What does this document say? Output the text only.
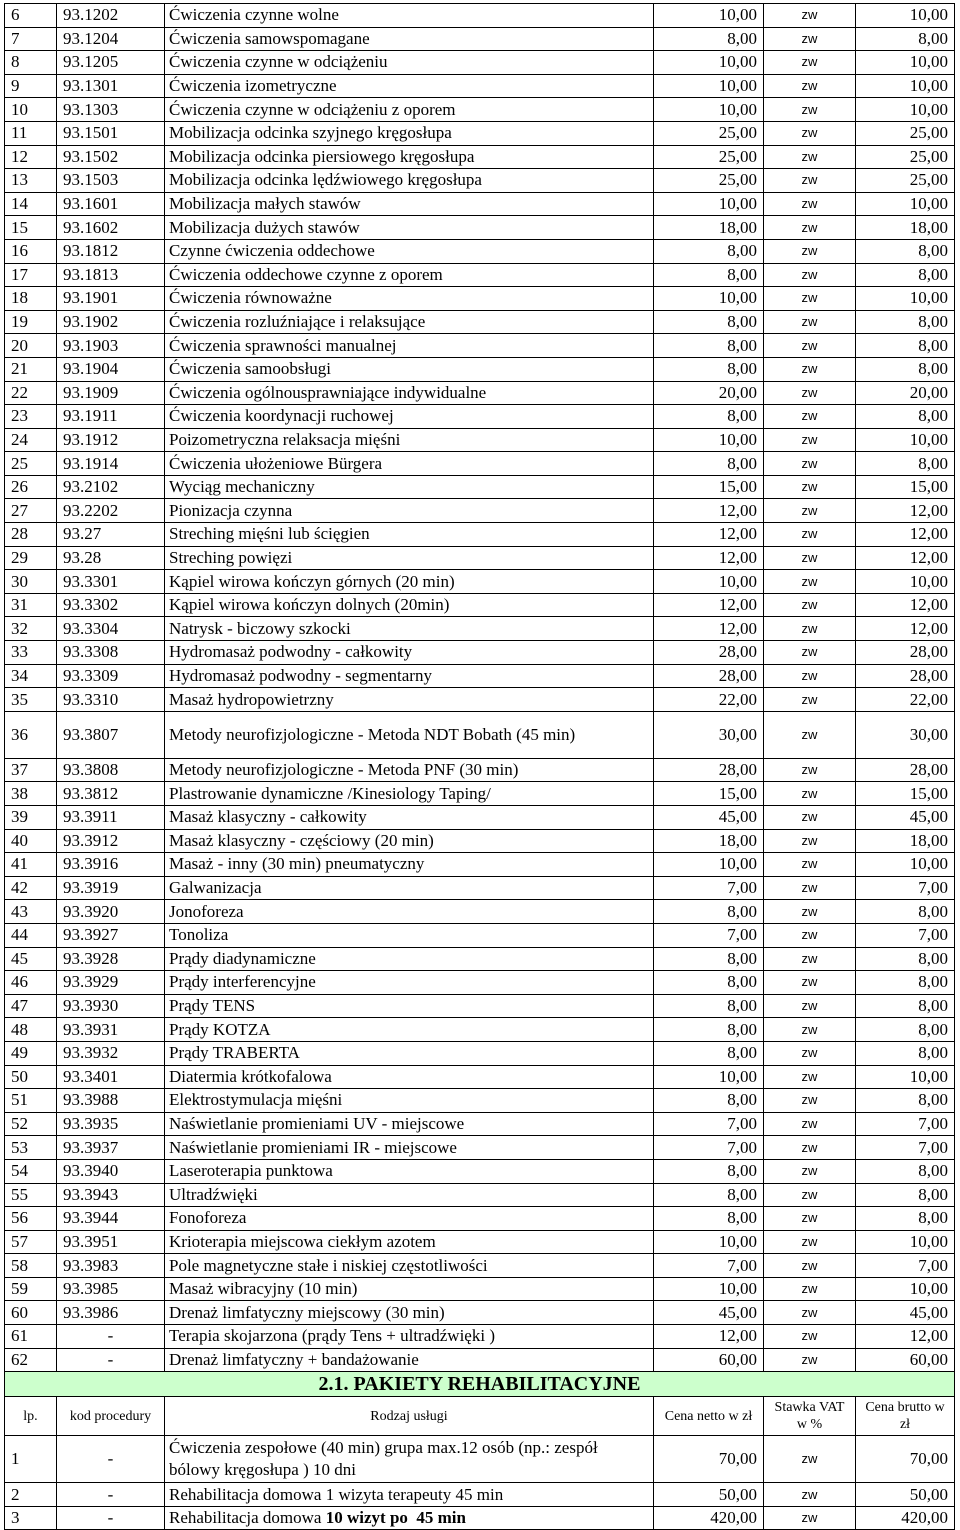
6	93.1202	Ćwiczenia czynne wolne	10,00	zw	10,00
7	93.1204	Ćwiczenia samowspomagane	8,00	zw	8,00
8	93.1205	Ćwiczenia czynne w odciążeniu	10,00	zw	10,00
9	93.1301	Ćwiczenia izometryczne	10,00	zw	10,00
10	93.1303	Ćwiczenia czynne w odciążeniu z oporem	10,00	zw	10,00
11	93.1501	Mobilizacja odcinka szyjnego kręgosłupa	25,00	zw	25,00
12	93.1502	Mobilizacja odcinka piersiowego kręgosłupa	25,00	zw	25,00
13	93.1503	Mobilizacja odcinka lędźwiowego kręgosłupa	25,00	zw	25,00
14	93.1601	Mobilizacja małych stawów	10,00	zw	10,00
15	93.1602	Mobilizacja dużych stawów	18,00	zw	18,00
16	93.1812	Czynne ćwiczenia oddechowe	8,00	zw	8,00
17	93.1813	Ćwiczenia oddechowe czynne z oporem	8,00	zw	8,00
18	93.1901	Ćwiczenia równoważne	10,00	zw	10,00
19	93.1902	Ćwiczenia rozluźniające i relaksujące	8,00	zw	8,00
20	93.1903	Ćwiczenia sprawności manualnej	8,00	zw	8,00
21	93.1904	Ćwiczenia samoobsługi	8,00	zw	8,00
22	93.1909	Ćwiczenia ogólnousprawniające indywidualne	20,00	zw	20,00
23	93.1911	Ćwiczenia koordynacji ruchowej	8,00	zw	8,00
24	93.1912	Poizometryczna relaksacja mięśni	10,00	zw	10,00
25	93.1914	Ćwiczenia ułożeniowe Bürgera	8,00	zw	8,00
26	93.2102	Wyciąg mechaniczny	15,00	zw	15,00
27	93.2202	Pionizacja czynna	12,00	zw	12,00
28	93.27	Streching mięśni lub ścięgien	12,00	zw	12,00
29	93.28	Streching powięzi	12,00	zw	12,00
30	93.3301	Kąpiel wirowa kończyn górnych (20 min)	10,00	zw	10,00
31	93.3302	Kąpiel wirowa kończyn dolnych (20min)	12,00	zw	12,00
32	93.3304	Natrysk - biczowy szkocki	12,00	zw	12,00
33	93.3308	Hydromasaż podwodny - całkowity	28,00	zw	28,00
34	93.3309	Hydromasaż podwodny - segmentarny	28,00	zw	28,00
35	93.3310	Masaż hydropowietrzny	22,00	zw	22,00
36	93.3807	Metody neurofizjologiczne - Metoda NDT Bobath (45 min)	30,00	zw	30,00
37	93.3808	Metody neurofizjologiczne - Metoda PNF (30 min)	28,00	zw	28,00
38	93.3812	Plastrowanie dynamiczne /Kinesiology Taping/	15,00	zw	15,00
39	93.3911	Masaż klasyczny - całkowity	45,00	zw	45,00
40	93.3912	Masaż klasyczny - częściowy (20 min)	18,00	zw	18,00
41	93.3916	Masaż - inny (30 min) pneumatyczny	10,00	zw	10,00
42	93.3919	Galwanizacja	7,00	zw	7,00
43	93.3920	Jonoforeza	8,00	zw	8,00
44	93.3927	Tonoliza	7,00	zw	7,00
45	93.3928	Prądy diadynamiczne	8,00	zw	8,00
46	93.3929	Prądy interferencyjne	8,00	zw	8,00
47	93.3930	Prądy TENS	8,00	zw	8,00
48	93.3931	Prądy KOTZA	8,00	zw	8,00
49	93.3932	Prądy TRABERTA	8,00	zw	8,00
50	93.3401	Diatermia krótkofalowa	10,00	zw	10,00
51	93.3988	Elektrostymulacja mięśni	8,00	zw	8,00
52	93.3935	Naświetlanie promieniami UV - miejscowe	7,00	zw	7,00
53	93.3937	Naświetlanie promieniami IR - miejscowe	7,00	zw	7,00
54	93.3940	Laseroterapia punktowa	8,00	zw	8,00
55	93.3943	Ultradźwięki	8,00	zw	8,00
56	93.3944	Fonoforeza	8,00	zw	8,00
57	93.3951	Krioterapia miejscowa ciekłym azotem	10,00	zw	10,00
58	93.3983	Pole magnetyczne stałe i niskiej częstotliwości	7,00	zw	7,00
59	93.3985	Masaż wibracyjny (10 min)	10,00	zw	10,00
60	93.3986	Drenaż limfatyczny miejscowy (30 min)	45,00	zw	45,00
61	-	Terapia skojarzona (prądy Tens + ultradźwięki )	12,00	zw	12,00
62	-	Drenaż limfatyczny + bandażowanie	60,00	zw	60,00
2.1. PAKIETY REHABILITACYJNE					
lp.	kod procedury	Rodzaj usługi	Cena netto w zł	Stawka VAT w %	Cena brutto w zł
1	-	Ćwiczenia zespołowe (40 min) grupa max.12 osób (np.: zespół bólowy kręgosłupa ) 10 dni	70,00	zw	70,00
2	-	Rehabilitacja domowa 1 wizyta terapeuty 45 min	50,00	zw	50,00
3	-	Rehabilitacja domowa 10 wizyt po  45 min	420,00	zw	420,00
